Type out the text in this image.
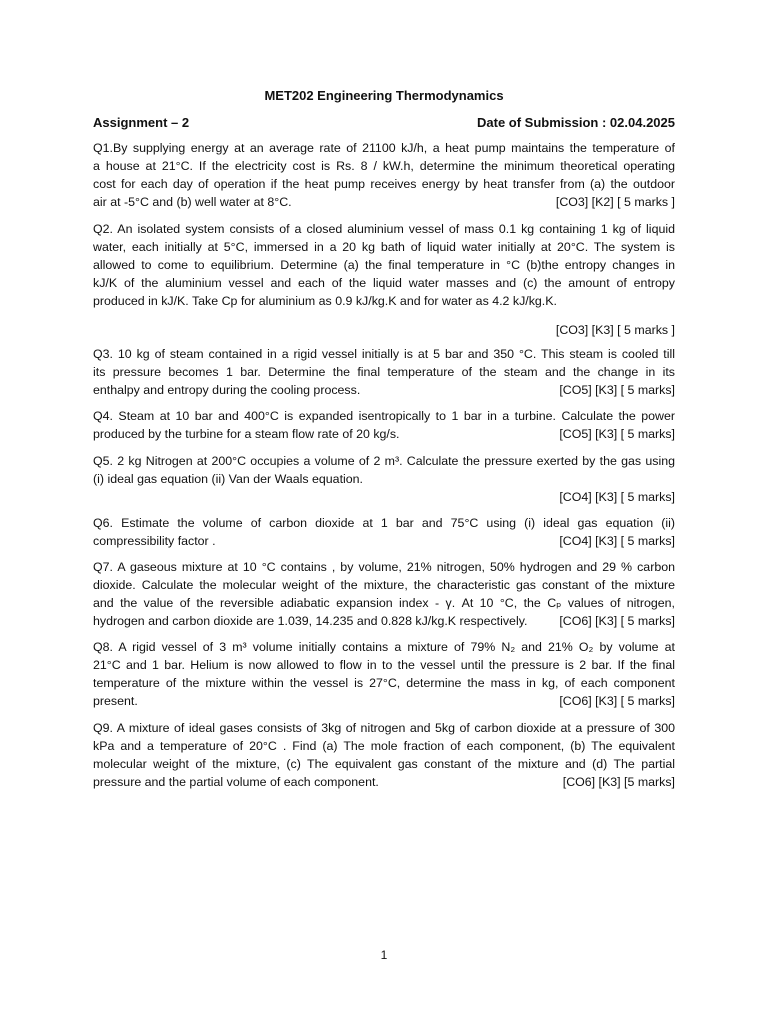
MET202 Engineering Thermodynamics
Assignment – 2	Date of Submission : 02.04.2025
Q1.By supplying energy at an average rate of 21100 kJ/h, a heat pump maintains the temperature of
a house at 21°C. If the electricity cost is Rs. 8 / kW.h, determine the minimum theoretical operating
cost for each day of operation if the heat pump receives energy by heat transfer from (a) the outdoor
air at -5°C and (b) well water at 8°C.	[CO3] [K2] [ 5 marks ]
Q2. An isolated system consists of a closed aluminium vessel of mass 0.1 kg containing 1 kg of liquid
water, each initially at 5°C, immersed in a 20 kg bath of liquid water initially at 20°C. The system is
allowed to come to equilibrium. Determine (a) the final temperature in °C (b)the entropy changes in
kJ/K of the aluminium vessel and each of the liquid water masses and (c) the amount of entropy
produced in kJ/K. Take Cp for aluminium as 0.9 kJ/kg.K and for water as 4.2 kJ/kg.K.
[CO3] [K3] [ 5 marks ]
Q3. 10 kg of steam contained in a rigid vessel initially is at 5 bar and 350 °C. This steam is cooled till
its pressure becomes 1 bar. Determine the final temperature of the steam and the change in its
enthalpy and entropy during the cooling process.	[CO5] [K3] [ 5 marks]
Q4. Steam at 10 bar and 400°C is expanded isentropically to 1 bar in a turbine. Calculate the power
produced by the turbine for a steam flow rate of 20 kg/s.	[CO5] [K3] [ 5 marks]
Q5. 2 kg Nitrogen at 200°C occupies a volume of 2 m³. Calculate the pressure exerted by the gas using
(i) ideal gas equation (ii) Van der Waals equation.
[CO4] [K3] [ 5 marks]
Q6. Estimate the volume of carbon dioxide at 1 bar and 75°C using (i) ideal gas equation (ii)
compressibility factor .	[CO4] [K3] [ 5 marks]
Q7. A gaseous mixture at 10 °C contains , by volume, 21% nitrogen, 50% hydrogen and 29 % carbon
dioxide. Calculate the molecular weight of the mixture, the characteristic gas constant of the mixture
and the value of the reversible adiabatic expansion index - γ. At 10 °C, the Cₚ values of nitrogen,
hydrogen and carbon dioxide are 1.039, 14.235 and 0.828 kJ/kg.K respectively.	[CO6] [K3] [ 5 marks]
Q8. A rigid vessel of 3 m³ volume initially contains a mixture of 79% N₂ and 21% O₂ by volume at
21°C and 1 bar. Helium is now allowed to flow in to the vessel until the pressure is 2 bar. If the final
temperature of the mixture within the vessel is 27°C, determine the mass in kg, of each component
present.	[CO6] [K3] [ 5 marks]
Q9. A mixture of ideal gases consists of 3kg of nitrogen and 5kg of carbon dioxide at a pressure of 300
kPa and a temperature of 20°C . Find (a) The mole fraction of each component, (b) The equivalent
molecular weight of the mixture, (c) The equivalent gas constant of the mixture and (d) The partial
pressure and the partial volume of each component.	[CO6] [K3] [5 marks]
1
